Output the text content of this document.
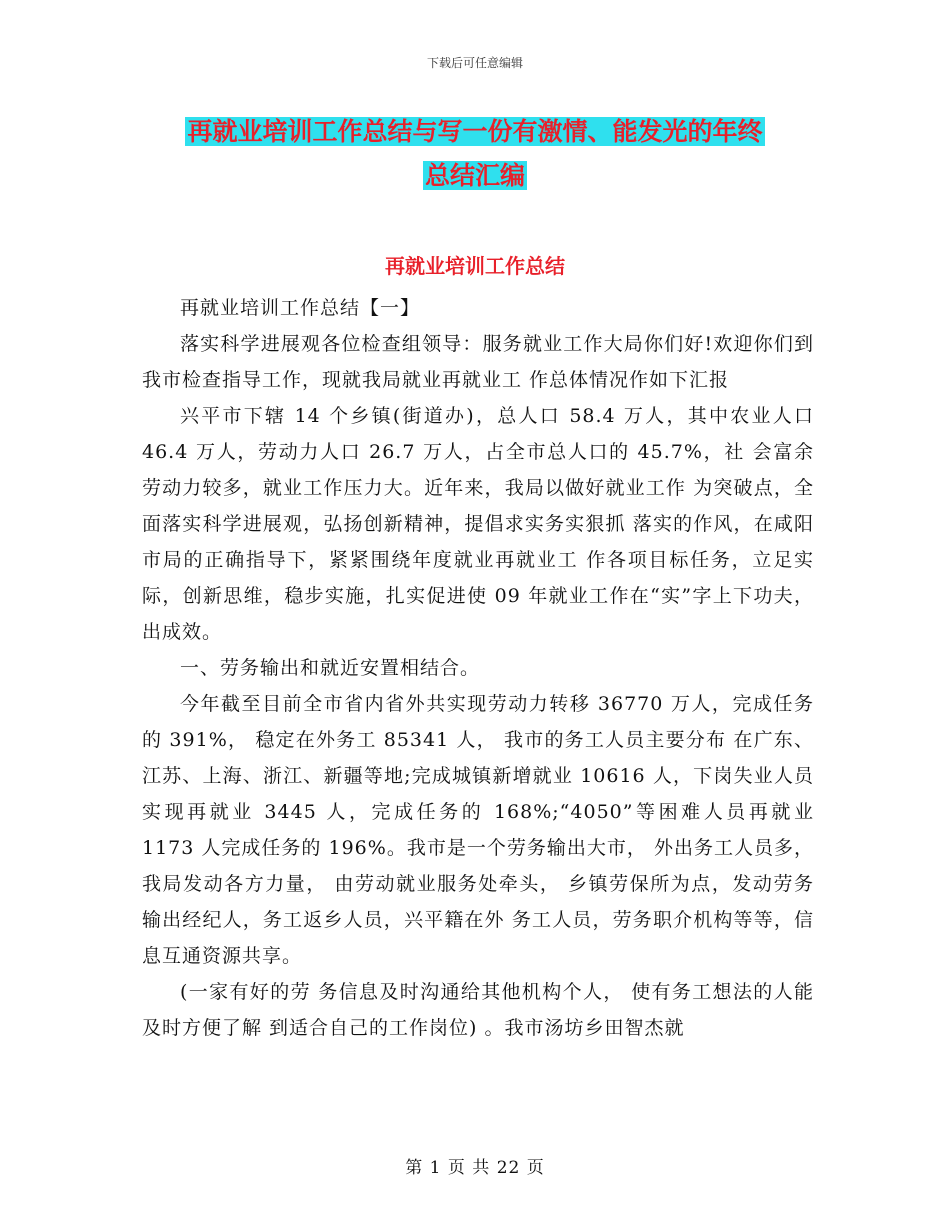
下载后可任意编辑
再就业培训工作总结与写一份有激情、能发光的年终
总结汇编
再就业培训工作总结

再就业培训工作总结【一】

落实科学进展观各位检查组领导：服务就业工作大局你们好!欢迎你们到我市检查指导工作，现就我局就业再就业工 作总体情况作如下汇报

兴平市下辖 14 个乡镇(街道办)，总人口 58.4 万人，其中农业人口 46.4 万人，劳动力人口 26.7 万人，占全市总人口的 45.7%，社 会富余劳动力较多，就业工作压力大。近年来，我局以做好就业工作 为突破点，全面落实科学进展观，弘扬创新精神，提倡求实务实狠抓 落实的作风，在咸阳市局的正确指导下，紧紧围绕年度就业再就业工 作各项目标任务，立足实际，创新思维，稳步实施，扎实促进使 09 年就业工作在“实”字上下功夫，出成效。

一、劳务输出和就近安置相结合。

今年截至目前全市省内省外共实现劳动力转移 36770 万人，完成任务的 391%， 稳定在外务工 85341 人， 我市的务工人员主要分布 在广东、江苏、上海、浙江、新疆等地;完成城镇新增就业 10616 人，下岗失业人员实现再就业 3445 人，完成任务的 168%;“4050”等困难人员再就业 1173 人完成任务的 196%。我市是一个劳务输出大市， 外出务工人员多， 我局发动各方力量， 由劳动就业服务处牵头， 乡镇劳保所为点，发动劳务输出经纪人，务工返乡人员，兴平籍在外 务工人员，劳务职介机构等等，信息互通资源共享。

(一家有好的劳 务信息及时沟通给其他机构个人， 使有务工想法的人能及时方便了解 到适合自己的工作岗位) 。我市汤坊乡田智杰就

第 1 页 共 22 页
